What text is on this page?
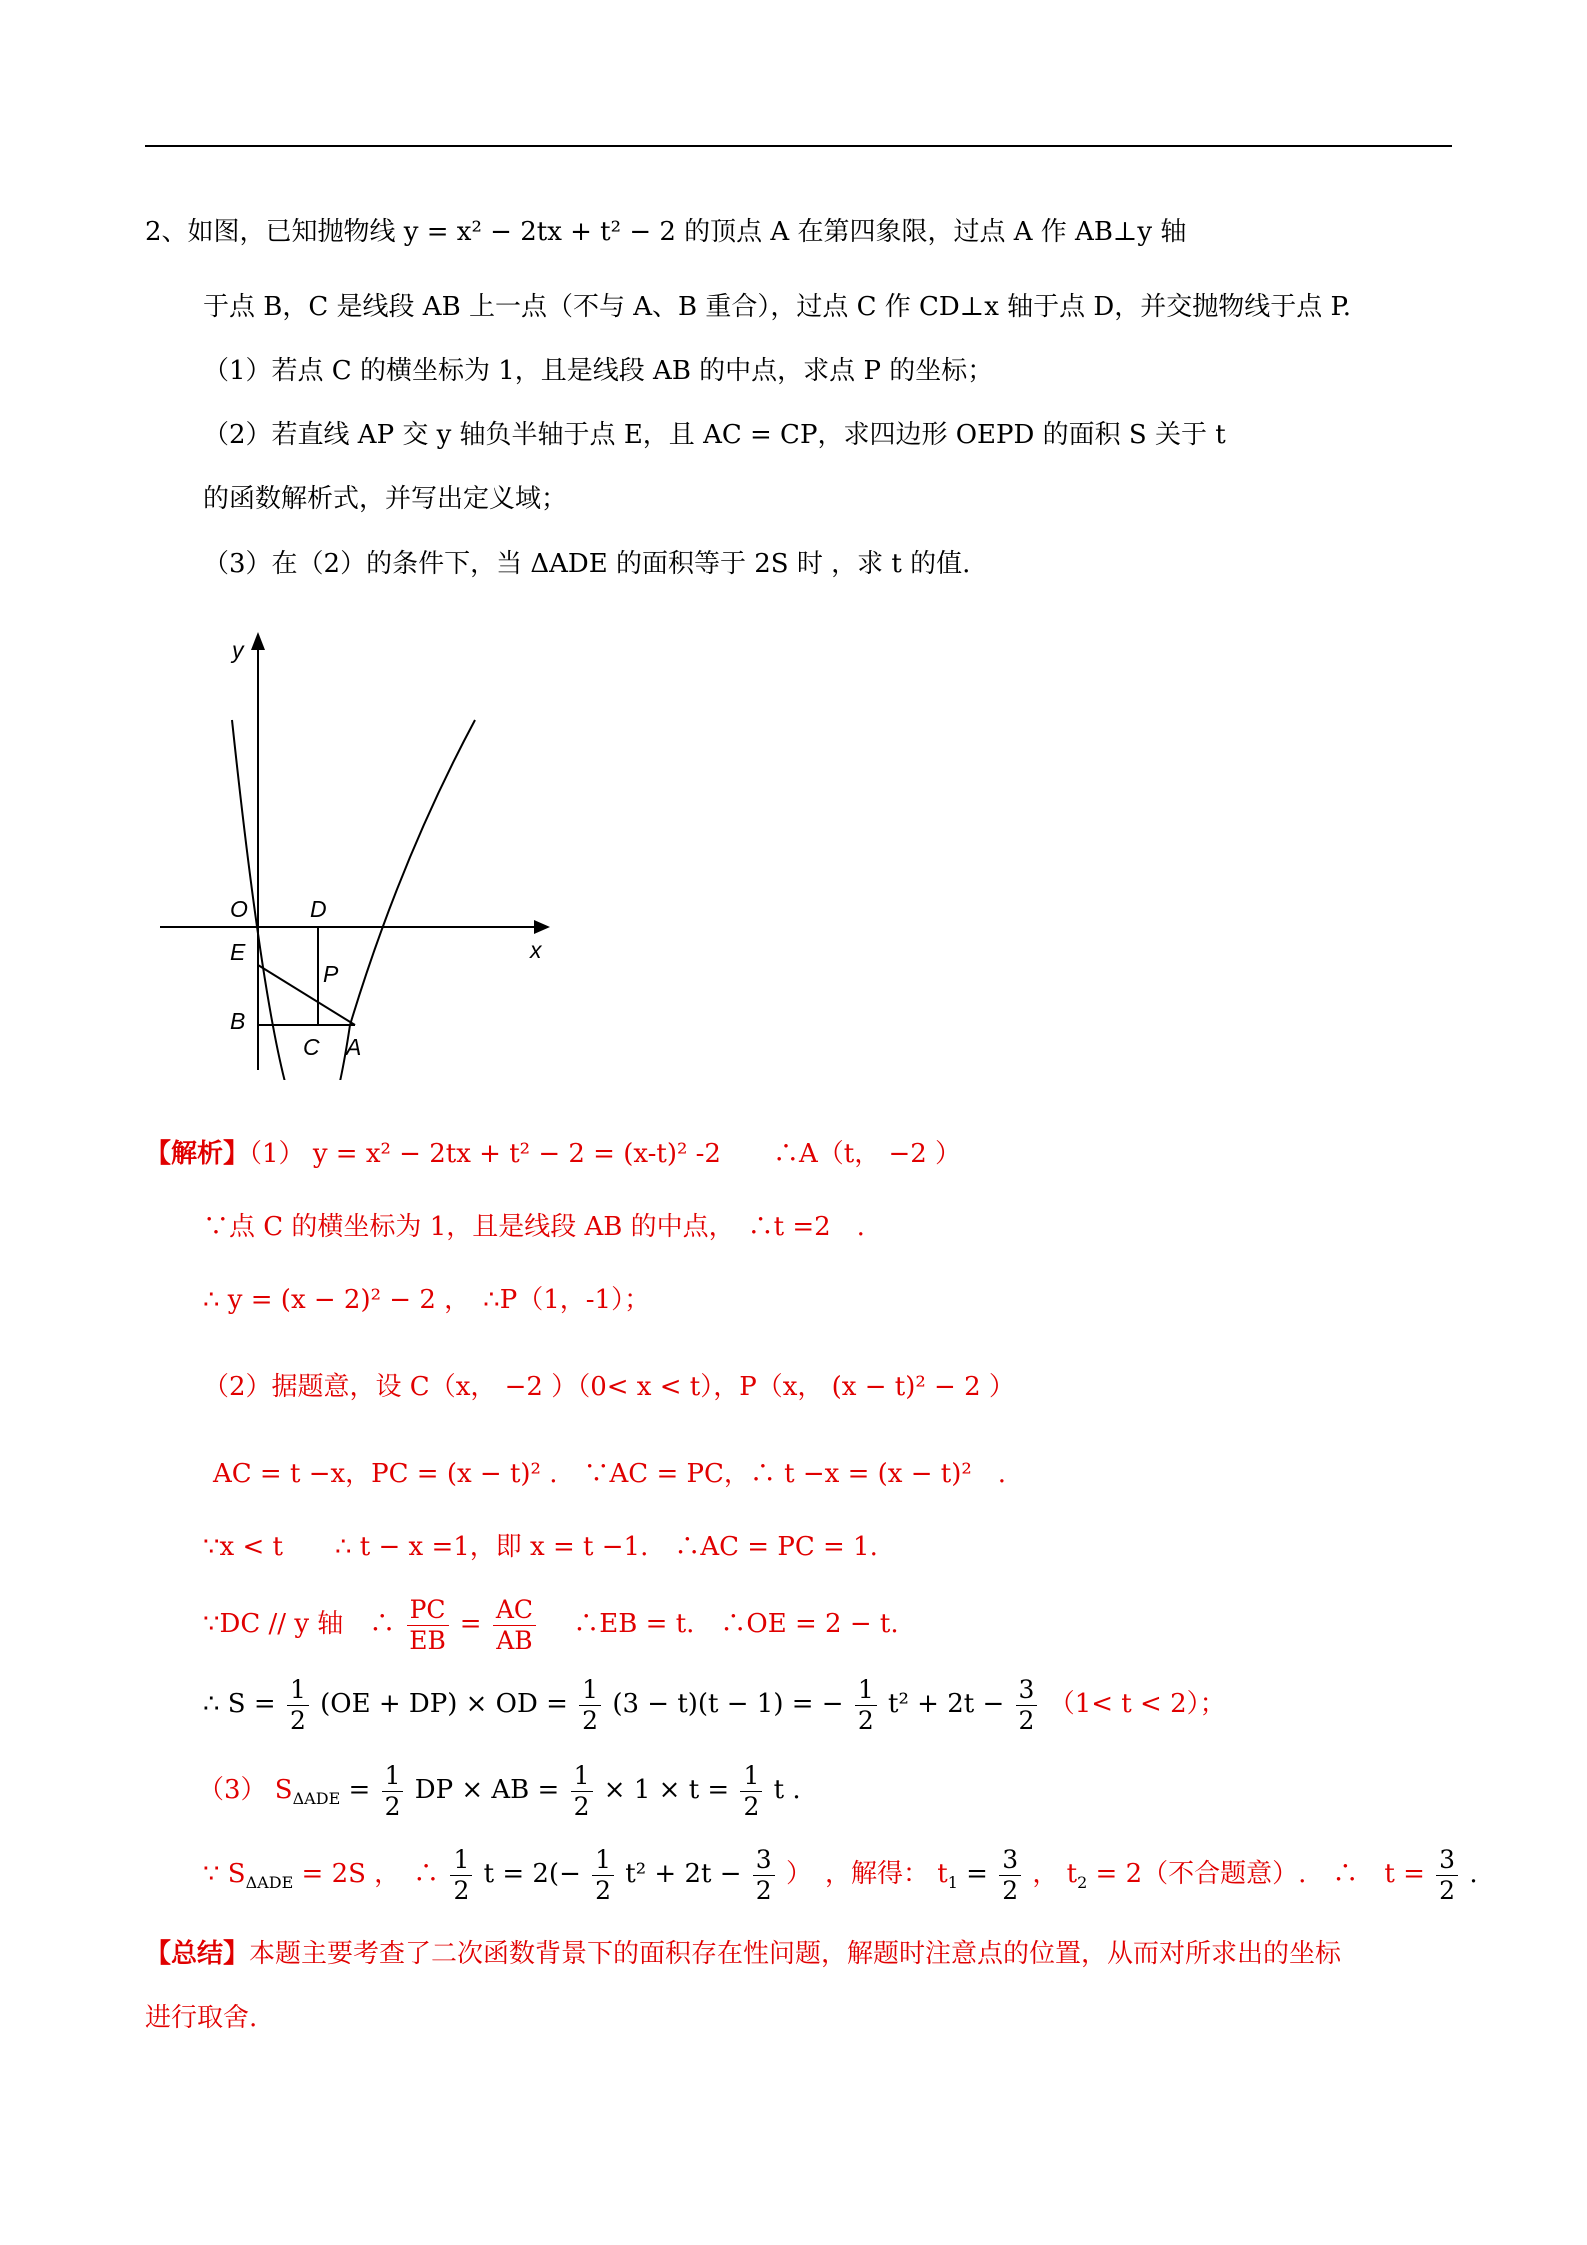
2、如图，已知抛物线 y = x² − 2tx + t² − 2 的顶点 A 在第四象限，过点 A 作 AB⊥y 轴
于点 B，C 是线段 AB 上一点（不与 A、B 重合），过点 C 作 CD⊥x 轴于点 D，并交抛物线于点 P.
（1）若点 C 的横坐标为 1，且是线段 AB 的中点，求点 P 的坐标；
（2）若直线 AP 交 y 轴负半轴于点 E，且 AC = CP，求四边形 OEPD 的面积 S 关于 t
的函数解析式，并写出定义域；
（3）在（2）的条件下，当 ΔADE 的面积等于 2S 时 ，求 t 的值.
y
x
O	D
E
P
B
C A
【解析】（1） y = x² − 2tx + t² − 2 = (x-t)² -2　　∴A（t， −2 ）
∵点 C 的横坐标为 1，且是线段 AB 的中点，　∴t =2　.
∴ y = (x − 2)² − 2 ，　∴P（1，-1）；
（2）据题意，设 C（x， −2 ）（0< x < t），P（x， (x − t)² − 2 ）
AC = t −x，PC = (x − t)² .　∵AC = PC，∴ t −x = (x − t)²　.
∵x < t　　∴ t − x =1，即 x = t −1.　∴AC = PC = 1.
∵DC // y 轴　∴ $\frac{PC}{EB} = \frac{AC}{AB}$ 　∴EB = t.　∴OE = 2 − t.
∴ $S = \frac{1}{2} (OE + DP)$ × OD = $\frac{1}{2} (3 - t)(t - 1)$ = − $\frac{1}{2} t^2 + 2t - \frac{3}{2} (1< t < 2)$；
（3） $S_{\Delta ADE} = \frac{1}{2}$ DP × AB = $\frac{1}{2} \times 1 \times t = \frac{1}{2}$ t .
∵ $S_{\Delta ADE} = 2S$ ，　∴ $\frac{1}{2}$ $t = 2(- \frac{1}{2} t^2 + 2t - \frac{3}{2}$ ）　，解得： $t_1 = \frac{3}{2}$ ， $t_2 = 2$（不合题意）.　∴　$t = \frac{3}{2}$ .
【总结】本题主要考查了二次函数背景下的面积存在性问题，解题时注意点的位置，从而对所求出的坐标
进行取舍.
